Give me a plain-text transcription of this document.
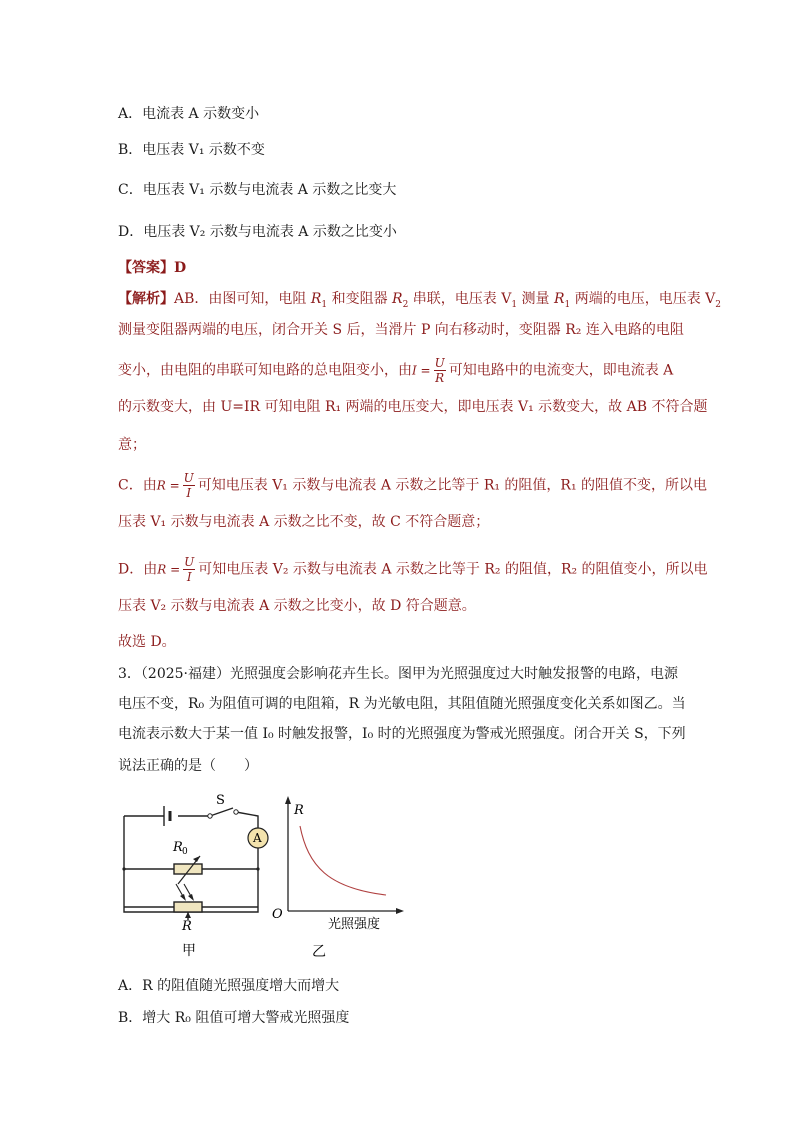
A．电流表 A 示数变小
B．电压表 V₁ 示数不变
C．电压表 V₁ 示数与电流表 A 示数之比变大
D．电压表 V₂ 示数与电流表 A 示数之比变小
【答案】D
【解析】AB．由图可知，电阻 $R_1$ 和变阻器 $R_2$ 串联，电压表 $V_1$ 测量 $R_1$ 两端的电压，电压表 $V_2$
测量变阻器两端的电压，闭合开关 S 后，当滑片 P 向右移动时，变阻器 R₂ 连入电路的电阻
变小，由电阻的串联可知电路的总电阻变小，由$I = \frac{U}{R}$ 可知电路中的电流变大，即电流表 A
的示数变大，由 U=IR 可知电阻 R₁ 两端的电压变大，即电压表 V₁ 示数变大，故 AB 不符合题
意；
C．由$R = \frac{U}{I}$ 可知电压表 V₁ 示数与电流表 A 示数之比等于 R₁ 的阻值，R₁ 的阻值不变，所以电
压表 V₁ 示数与电流表 A 示数之比不变，故 C 不符合题意；
D．由$R = \frac{U}{I}$ 可知电压表 V₂ 示数与电流表 A 示数之比等于 R₂ 的阻值，R₂ 的阻值变小，所以电
压表 V₂ 示数与电流表 A 示数之比变小，故 D 符合题意。
故选 D。
3．（2025·福建）光照强度会影响花卉生长。图甲为光照强度过大时触发报警的电路，电源
电压不变，R₀ 为阻值可调的电阻箱，R 为光敏电阻，其阻值随光照强度变化关系如图乙。当
电流表示数大于某一值 I₀ 时触发报警，I₀ 时的光照强度为警戒光照强度。闭合开关 S，下列
说法正确的是（　　）
S
A
R 0
R
甲
R
O
光照强度
乙
A．R 的阻值随光照强度增大而增大
B．增大 R₀ 阻值可增大警戒光照强度
